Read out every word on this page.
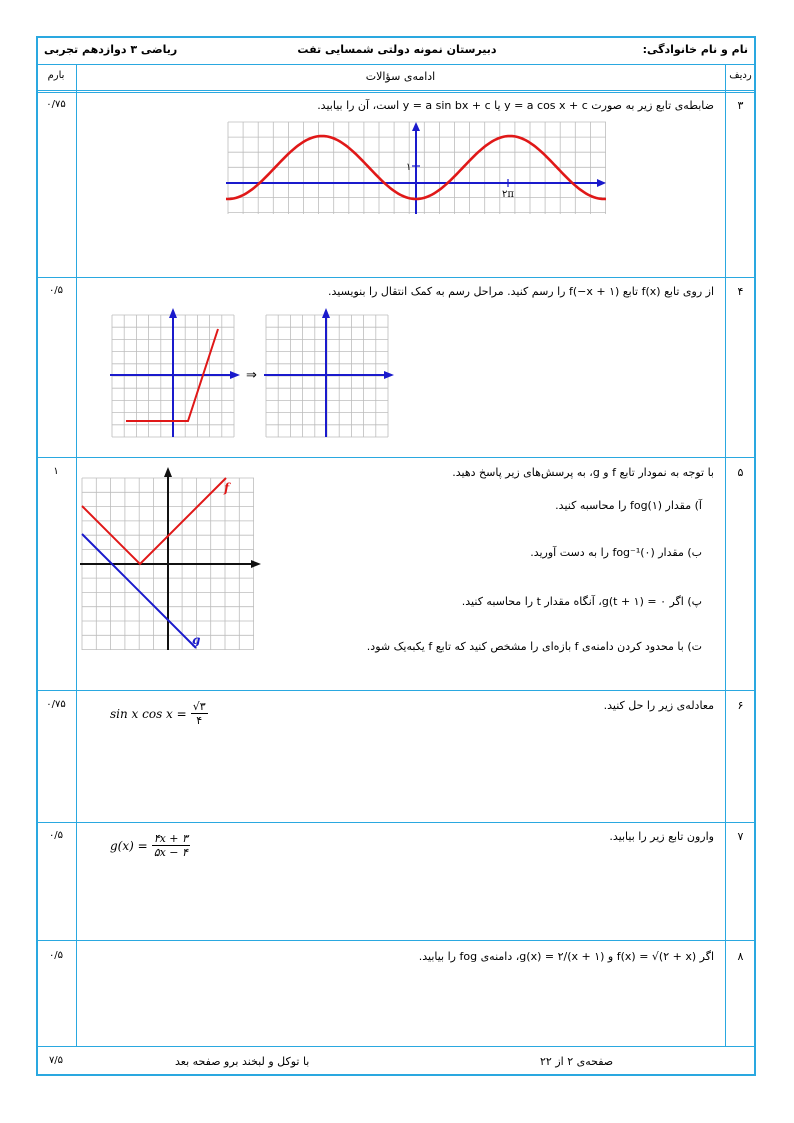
نام و نام خانوادگی:
دبیرستان نمونه دولتی شمسایی تفت
ریاضی ۳ دوازدهم تجربی
ردیف
ادامه‌ی سؤالات
بارم
۳
۰/۷۵	ضابطه‌ی تابع زیر به صورت y = a cos x + c یا y = a sin bx + c است، آن را بیابید.
۱
۲π
۴
۰/۵	از روی تابع f(x) تابع f(−x + ۱) را رسم کنید. مراحل رسم به کمک انتقال را بنویسید.
⇒
۵
۱	با توجه به نمودار تابع f و g، به پرسش‌های زیر پاسخ دهید.
آ) مقدار fog(۱) را محاسبه کنید.
ب) مقدار fog⁻¹(۰) را به دست آورید.
پ) اگر g(t + ۱) = ۰، آنگاه مقدار t را محاسبه کنید.
ت) با محدود کردن دامنه‌ی f بازه‌ای را مشخص کنید که تابع f یکبه‌یک شود.
f
g
۶
۰/۷۵	معادله‌ی زیر را حل کنید.
sin x cos x = √۳
۴
۷
۰/۵	وارون تابع زیر را بیابید.
$g(x) = \frac{۴x + ۳}{۵x - ۴}$
۸
۰/۵	اگر f(x) = √(۲ + x) و g(x) = ۲/(x + ۱)، دامنه‌ی fog را بیابید.
صفحه‌ی ۲ از ۲۲
با توکل و لبخند برو صفحه بعد
۷/۵
